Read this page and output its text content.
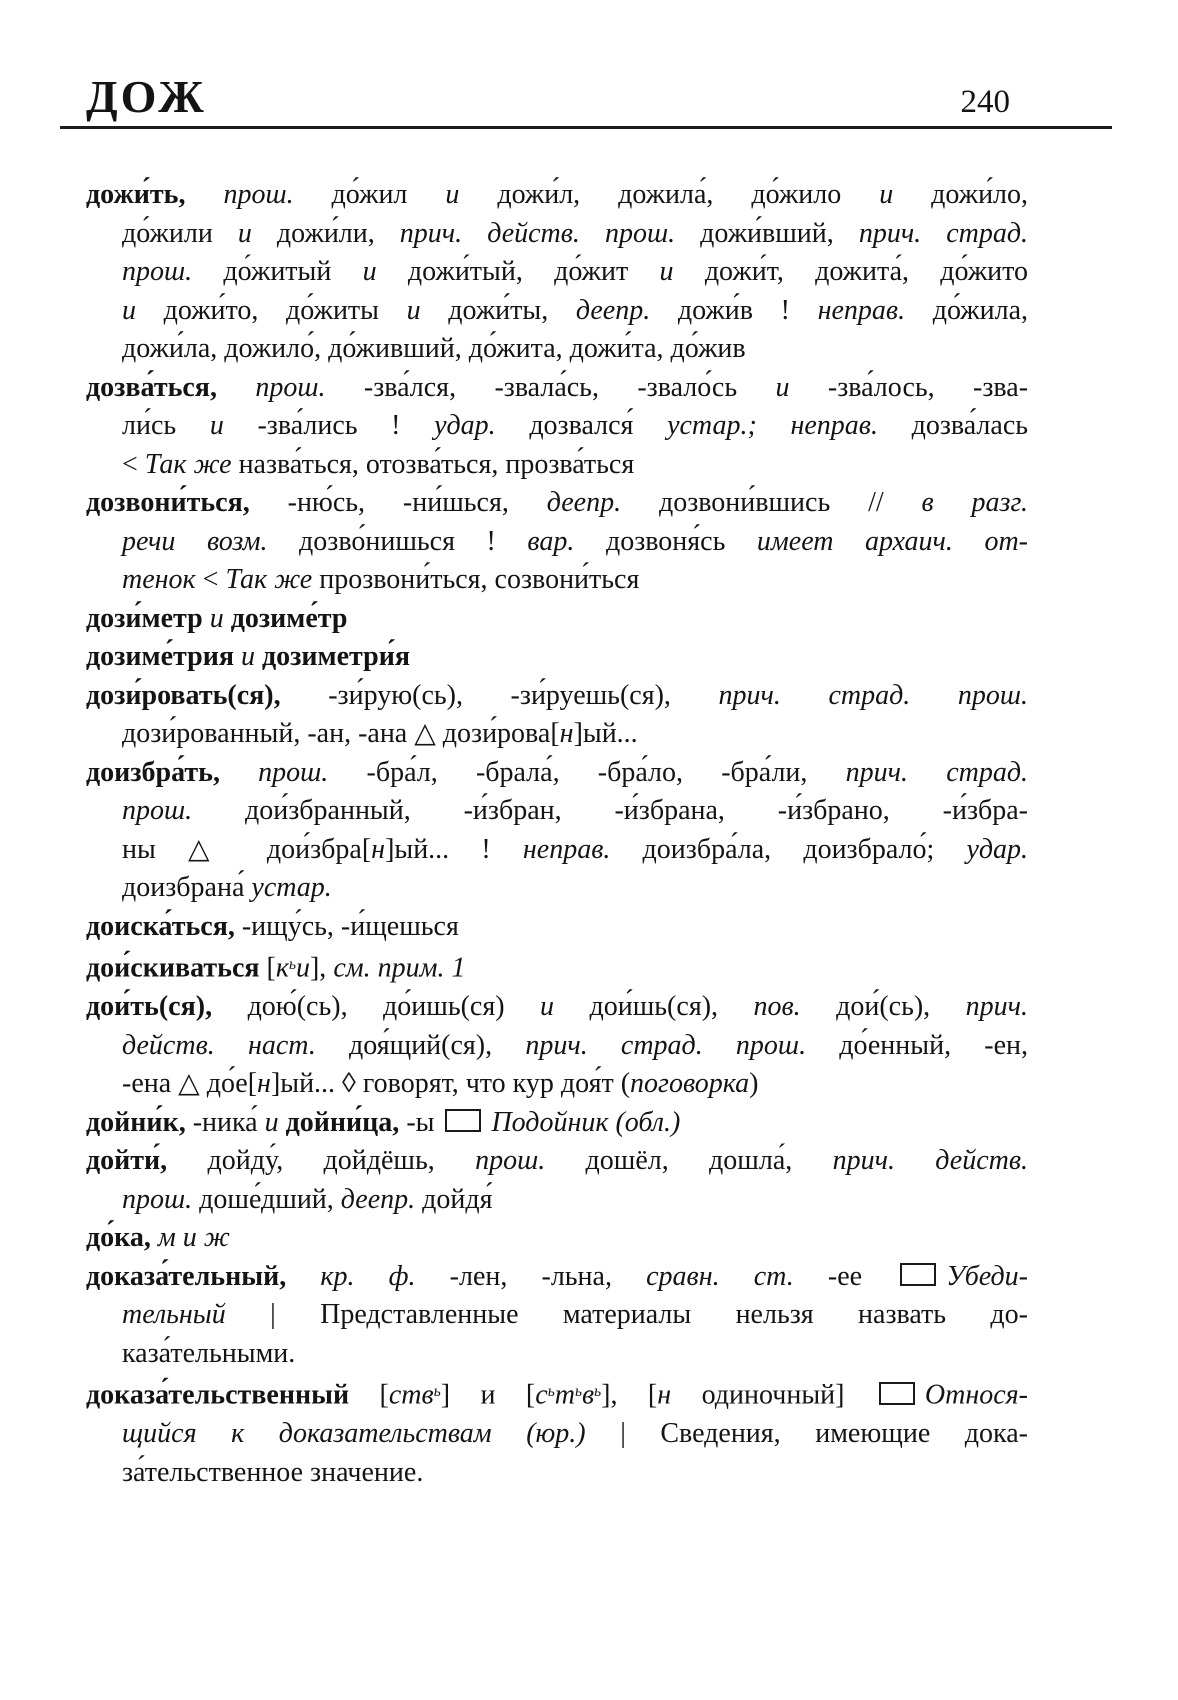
ДОЖ	240
дожи́ть, прош. до́жил и дожи́л, дожила́, до́жило и дожи́ло,
до́жили и дожи́ли, прич. действ. прош. дожи́вший, прич. страд.
прош. до́житый и дожи́тый, до́жит и дожи́т, дожита́, до́жито
и дожи́то, до́житы и дожи́ты, деепр. дожи́в ! неправ. до́жила,
дожи́ла, дожило́, до́живший, до́жита, дожи́та, до́жив
дозва́ться, прош. -зва́лся, -звала́сь, -звало́сь и -зва́лось, -зва-
ли́сь и -зва́лись ! удар. дозвался́ устар.; неправ. дозва́лась
< Так же назва́ться, отозва́ться, прозва́ться
дозвони́ться, -ню́сь, -ни́шься, деепр. дозвони́вшись // в разг.
речи возм. дозво́нишься ! вар. дозвоня́сь имеет архаич. от-
тенок < Так же прозвони́ться, созвони́ться
дози́метр и дозиме́тр
дозиме́трия и дозиметри́я
дози́ровать(ся), -зи́рую(сь), -зи́руешь(ся), прич. страд. прош.
дози́рованный, -ан, -ана △ дози́рова[н]ый...
доизбра́ть, прош. -бра́л, -брала́, -бра́ло, -бра́ли, прич. страд.
прош. дои́збранный, -и́збран, -и́збрана, -и́збрано, -и́збра-
ны △ дои́збра[н]ый... ! неправ. доизбра́ла, доизбрало́; удар.
доизбрана́ устар.
доиска́ться, -ищу́сь, -и́щешься
дои́скиваться $[к^ьи]$, см. прим. 1
дои́ть(ся), дою́(сь), до́ишь(ся) и дои́шь(ся), пов. дои́(сь), прич.
действ. наст. доя́щий(ся), прич. страд. прош. до́енный, -ен,
-ена △ до́е[н]ый... ◊ говорят, что кур доя́т (поговорка)
дойни́к, -ника́ и дойни́ца, -ы Подойник (обл.)
дойти́, дойду́, дойдёшь, прош. дошёл, дошла́, прич. действ.
прош. доше́дший, деепр. дойдя́
до́ка, м и ж
доказа́тельный, кр. ф. -лен, -льна, сравн. ст. -ее Убеди-
тельный | Представленные материалы нельзя назвать до-
каза́тельными.
доказа́тельственный [ств$^ь$] и $[с^ьт^ьв^ь]$, [н одиночный] Относя-
щийся к доказательствам (юр.) | Сведения, имеющие дока-
за́тельственное значение.
